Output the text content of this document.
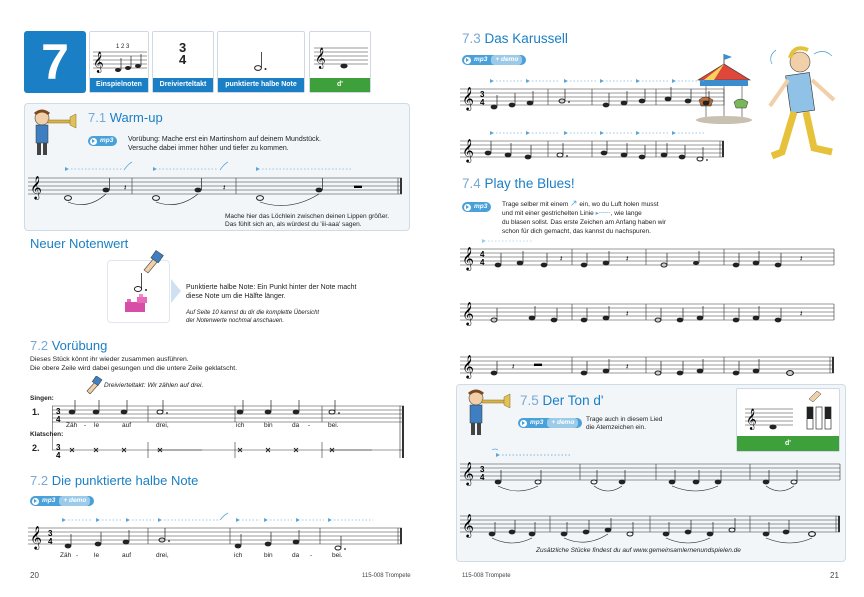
7	𝄞
1 2 3
Einspielnoten
3
4
Dreivierteltakt	punktierte halbe Note
𝄞
d'
7.1 Warm-up
mp3	Vorübung: Mache erst ein Martinshorn auf deinem Mundstück.
Versuche dabei immer höher und tiefer zu kommen.
𝄞	𝄽	𝄽	▬
Mache hier das Löchlein zwischen deinen Lippen größer.
Das fühlt sich an, als würdest du 'iii-aaa' sagen.
Neuer Notenwert
Punktierte halbe Note: Ein Punkt hinter der Note macht
diese Note um die Hälfte länger.
Auf Seite 10 kannst du dir die komplette Übersicht
der Notenwerte nochmal anschauen.
7.2 Vorübung
Dieses Stück könnt ihr wieder zusammen ausführen.
Die obere Zeile wird dabei gesungen und die untere Zeile geklatscht.
Dreivierteltakt: Wir zählen auf drei.
Singen:
1.
Klatschen:
2.
3
4
3
4
Zäh - le	auf	drei,	ich	bin	da -	bei.
7.2 Die punktierte halbe Note
mp3 + demo
𝄞 3
4
Zäh - le	auf	drei,	ich	bin	da -	bei.
20	115-008 Trompete
7.3 Das Karussell
mp3 + demo
𝄞 3
4
𝄞
7.4 Play the Blues!
mp3	Trage selber mit einem ↗ ein, wo du Luft holen musst
und mit einer gestrichelten Linie ▸╌╌╌, wie lange
du blasen sollst. Das erste Zeichen am Anfang haben wir
schon für dich gemacht, das kannst du nachspuren.
𝄞 4
4	𝄽	𝄽	𝄽
𝄞	𝄽	𝄽
𝄞	𝄽 ▬	𝄽
7.5 Der Ton d'
mp3 + demo	Trage auch in diesem Lied
die Atemzeichen ein.	𝄞
d'
𝄞 3
4
𝄞
Zusätzliche Stücke findest du auf www.gemeinsamlernenundspielen.de
115-008 Trompete	21
